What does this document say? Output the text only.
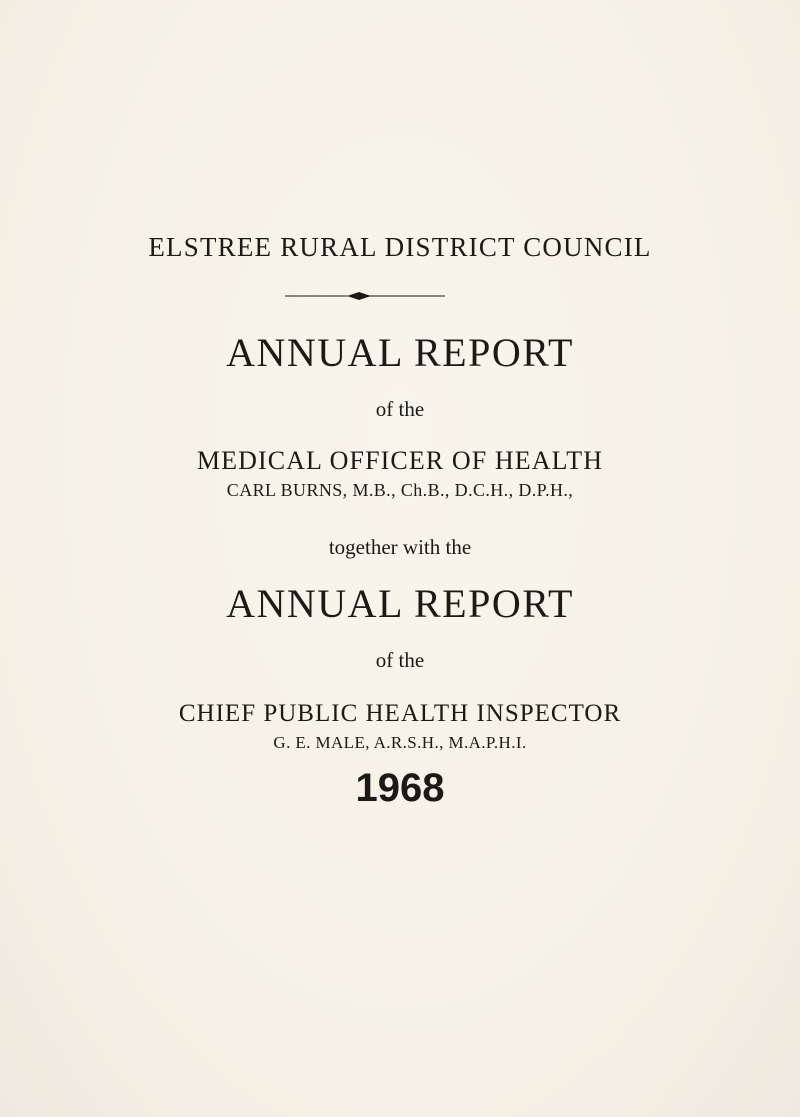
ELSTREE RURAL DISTRICT COUNCIL
ANNUAL REPORT
of the
MEDICAL OFFICER OF HEALTH
CARL BURNS, M.B., Ch.B., D.C.H., D.P.H.,
together with the
ANNUAL REPORT
of the
CHIEF PUBLIC HEALTH INSPECTOR
G. E. MALE, A.R.S.H., M.A.P.H.I.
1968
